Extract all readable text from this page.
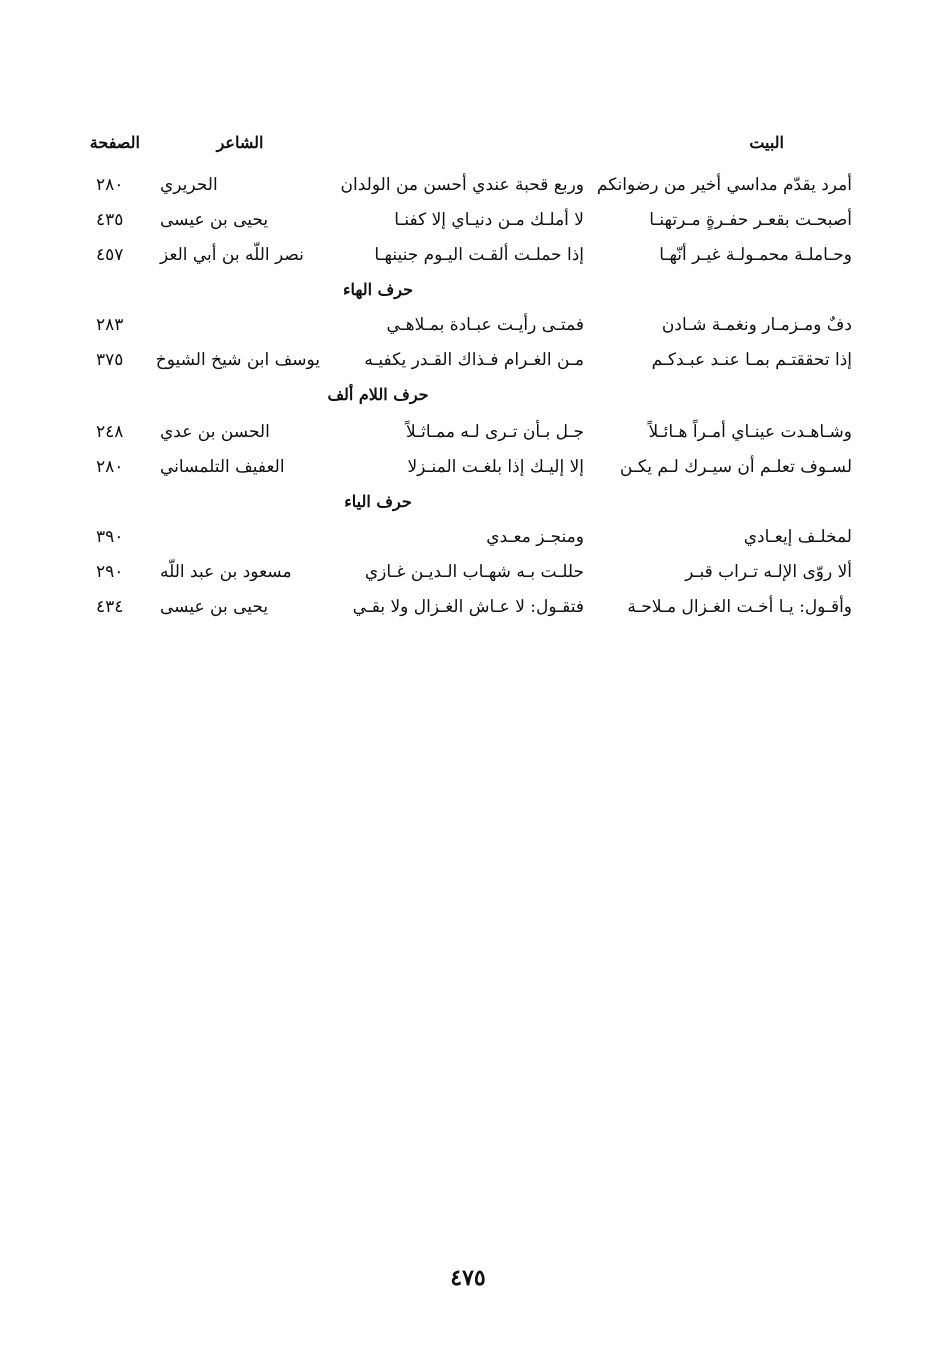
البيت
الشاعر
الصفحة
أمرد يقدّم مداسي أخير من رضوانكم
وربع قحبة عندي أحسن من الولدان
الحريري
٢٨٠
أصبحـت بقعـر حفـرةٍ مـرتهنـا
لا أملـك مـن دنيـاي إلا كفنـا
يحيى بن عيسى
٤٣٥
وحـاملـة محمـولـة غيـر أنّهـا
إذا حملـت ألقـت اليـوم جنينهـا
نصر اللّه بن أبي العز
٤٥٧
حرف الهاء
دفٌ ومـزمـار ونغمـة شـادن
فمتـى رأيـت عبـادة بمـلاهـي
٢٨٣
إذا تحققتـم بمـا عنـد عبـدكـم
مـن الغـرام فـذاك القـدر يكفيـه
يوسف ابن شيخ الشيوخ
٣٧٥
حرف اللام ألف
وشـاهـدت عينـاي أمـراً هـائـلاً
جـل بـأن تـرى لـه ممـاثـلاً
الحسن بن عدي
٢٤٨
لسـوف تعلـم أن سيـرك لـم يكـن
إلا إليـك إذا بلغـت المنـزلا
العفيف التلمساني
٢٨٠
حرف الياء
لمخلـف إيعـادي
ومنجـز معـدي
٣٩٠
ألا روّى الإلـه تـراب قبـر
حللـت بـه شهـاب الـديـن غـازي
مسعود بن عبد اللّه
٢٩٠
وأقـول: يـا أخـت الغـزال مـلاحـة
فتقـول: لا عـاش الغـزال ولا بقـي
يحيى بن عيسى
٤٣٤
٤٧٥
